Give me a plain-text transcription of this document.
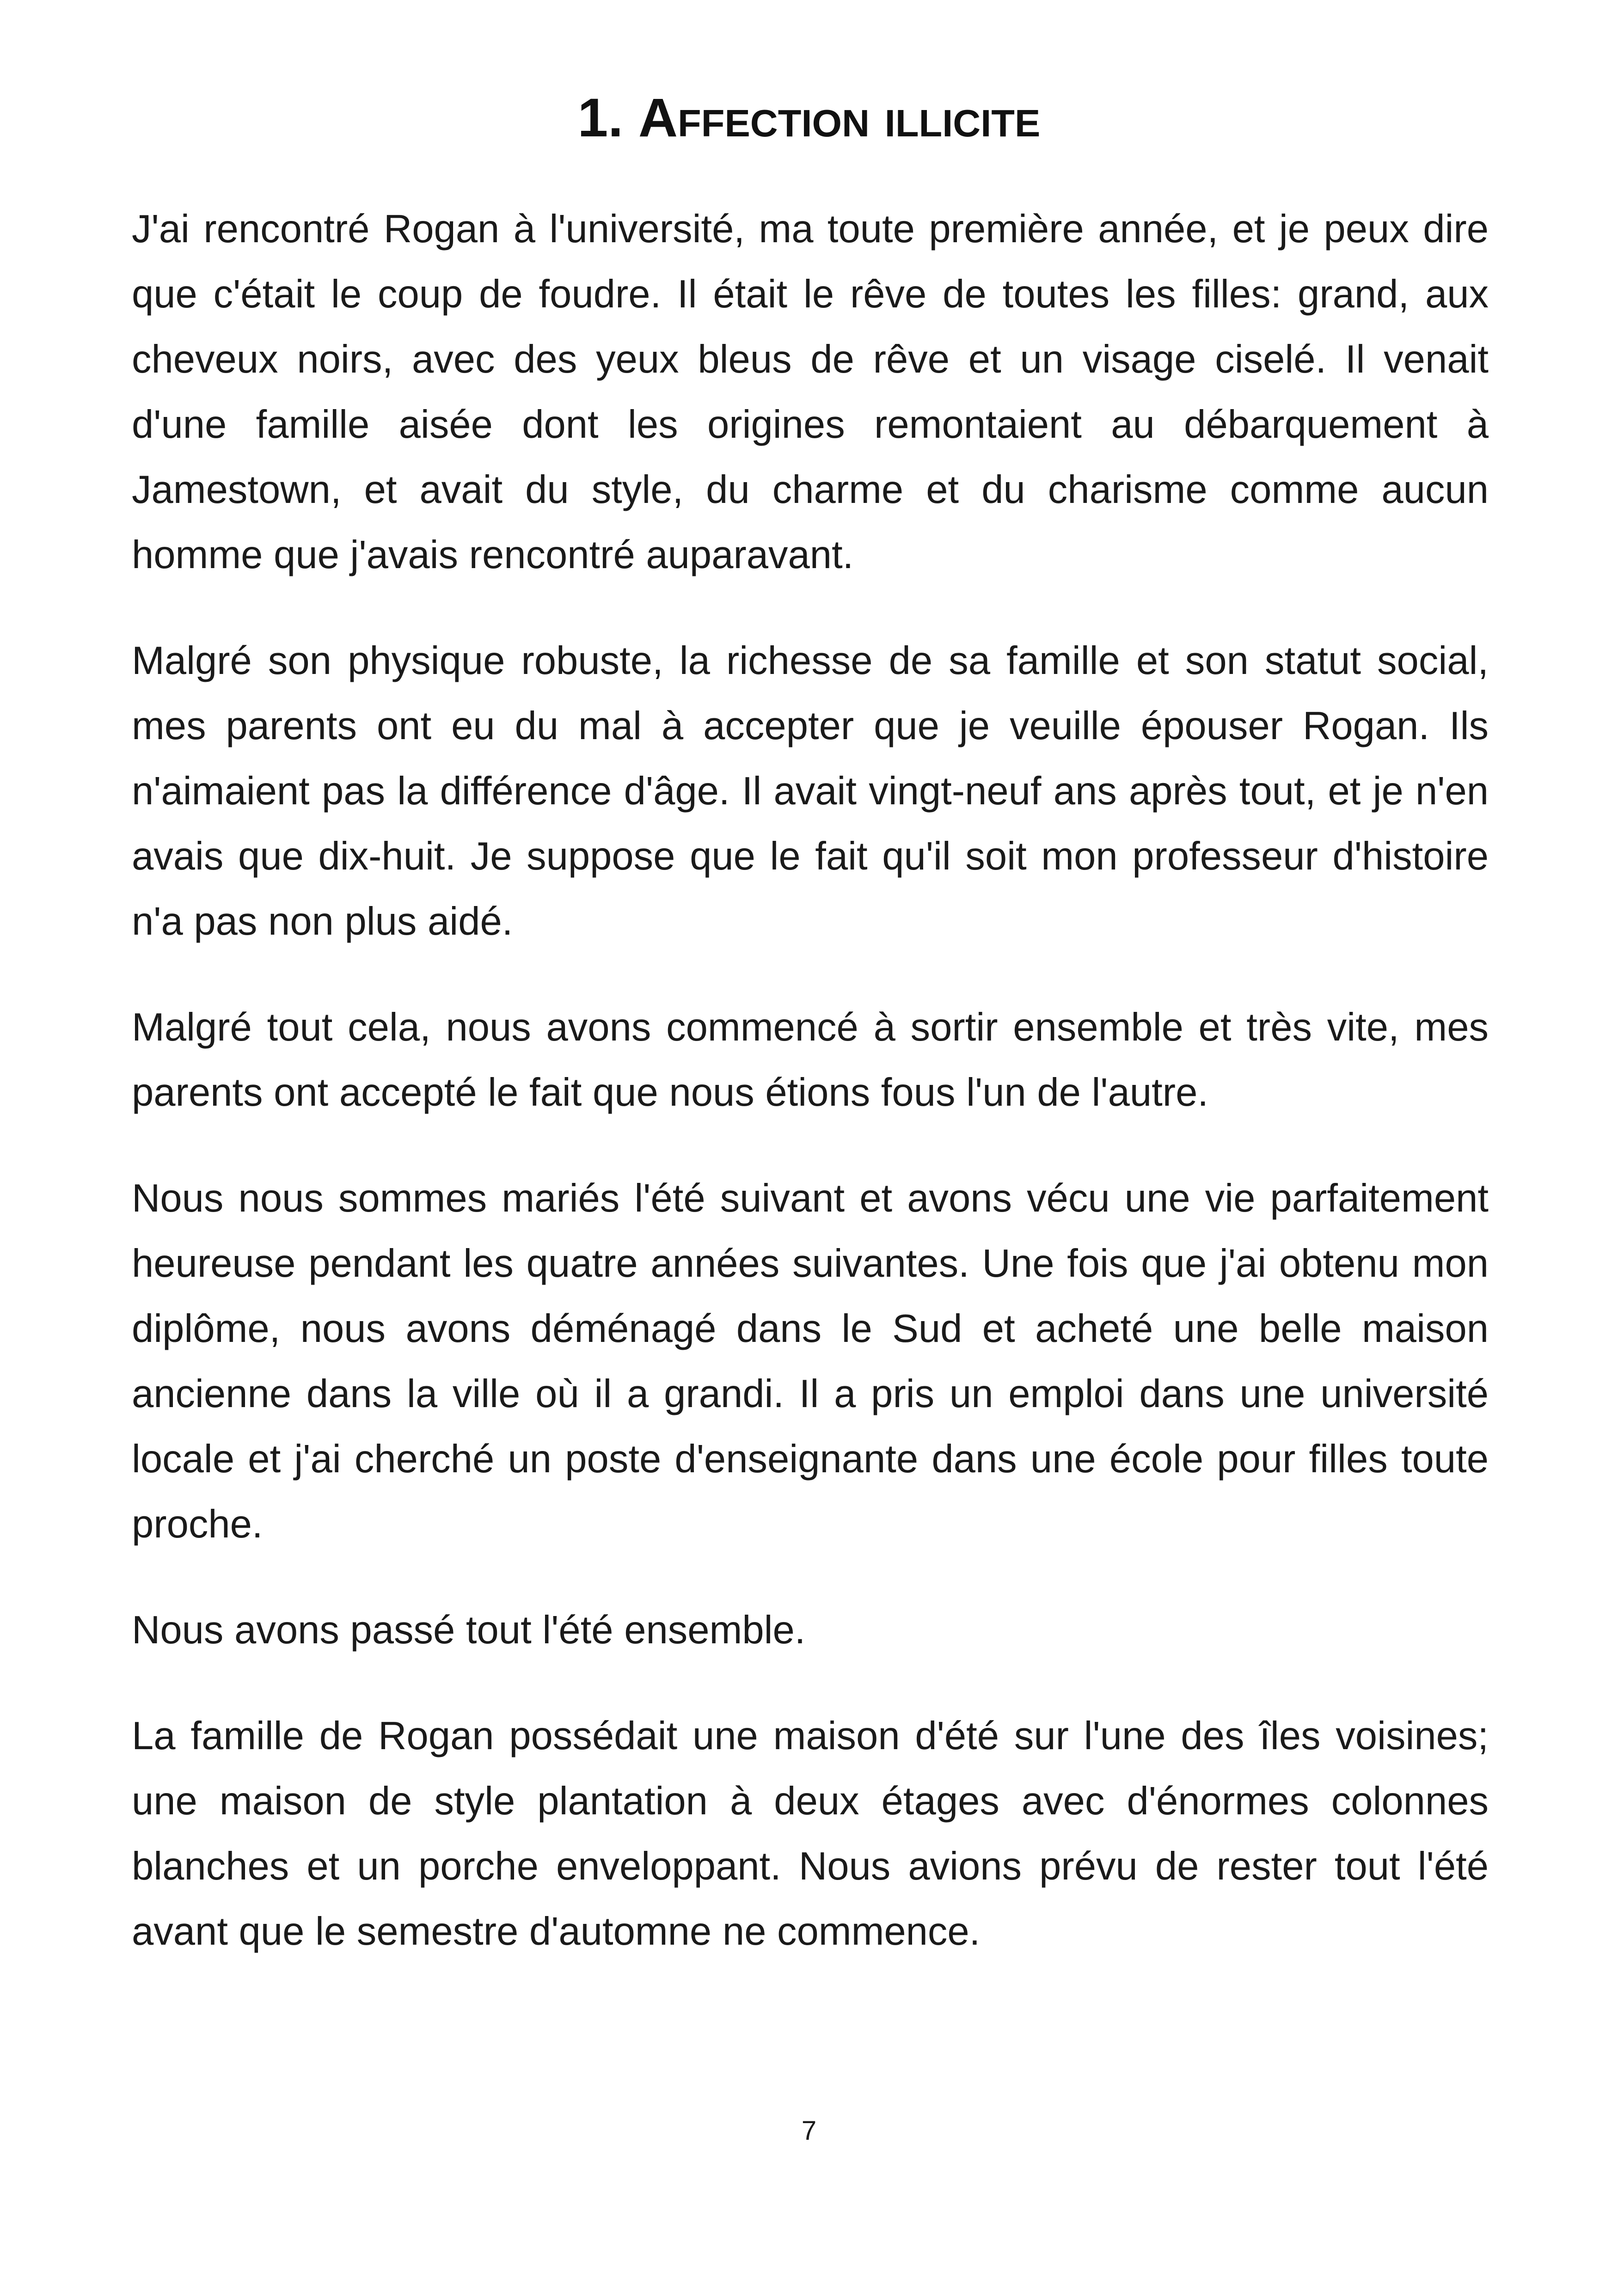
1. Affection illicite

J'ai rencontré Rogan à l'université, ma toute première année, et je peux dire que c'était le coup de foudre. Il était le rêve de toutes les filles: grand, aux cheveux noirs, avec des yeux bleus de rêve et un visage ciselé. Il venait d'une famille aisée dont les origines remontaient au débarquement à Jamestown, et avait du style, du charme et du charisme comme aucun homme que j'avais rencontré auparavant.

Malgré son physique robuste, la richesse de sa famille et son statut social, mes parents ont eu du mal à accepter que je veuille épouser Rogan. Ils n'aimaient pas la différence d'âge. Il avait vingt-neuf ans après tout, et je n'en avais que dix-huit. Je suppose que le fait qu'il soit mon professeur d'histoire n'a pas non plus aidé.

Malgré tout cela, nous avons commencé à sortir ensemble et très vite, mes parents ont accepté le fait que nous étions fous l'un de l'autre.

Nous nous sommes mariés l'été suivant et avons vécu une vie parfaitement heureuse pendant les quatre années suivantes. Une fois que j'ai obtenu mon diplôme, nous avons déménagé dans le Sud et acheté une belle maison ancienne dans la ville où il a grandi. Il a pris un emploi dans une université locale et j'ai cherché un poste d'enseignante dans une école pour filles toute proche.

Nous avons passé tout l'été ensemble.

La famille de Rogan possédait une maison d'été sur l'une des îles voisines; une maison de style plantation à deux étages avec d'énormes colonnes blanches et un porche enveloppant. Nous avions prévu de rester tout l'été avant que le semestre d'automne ne commence.

7
